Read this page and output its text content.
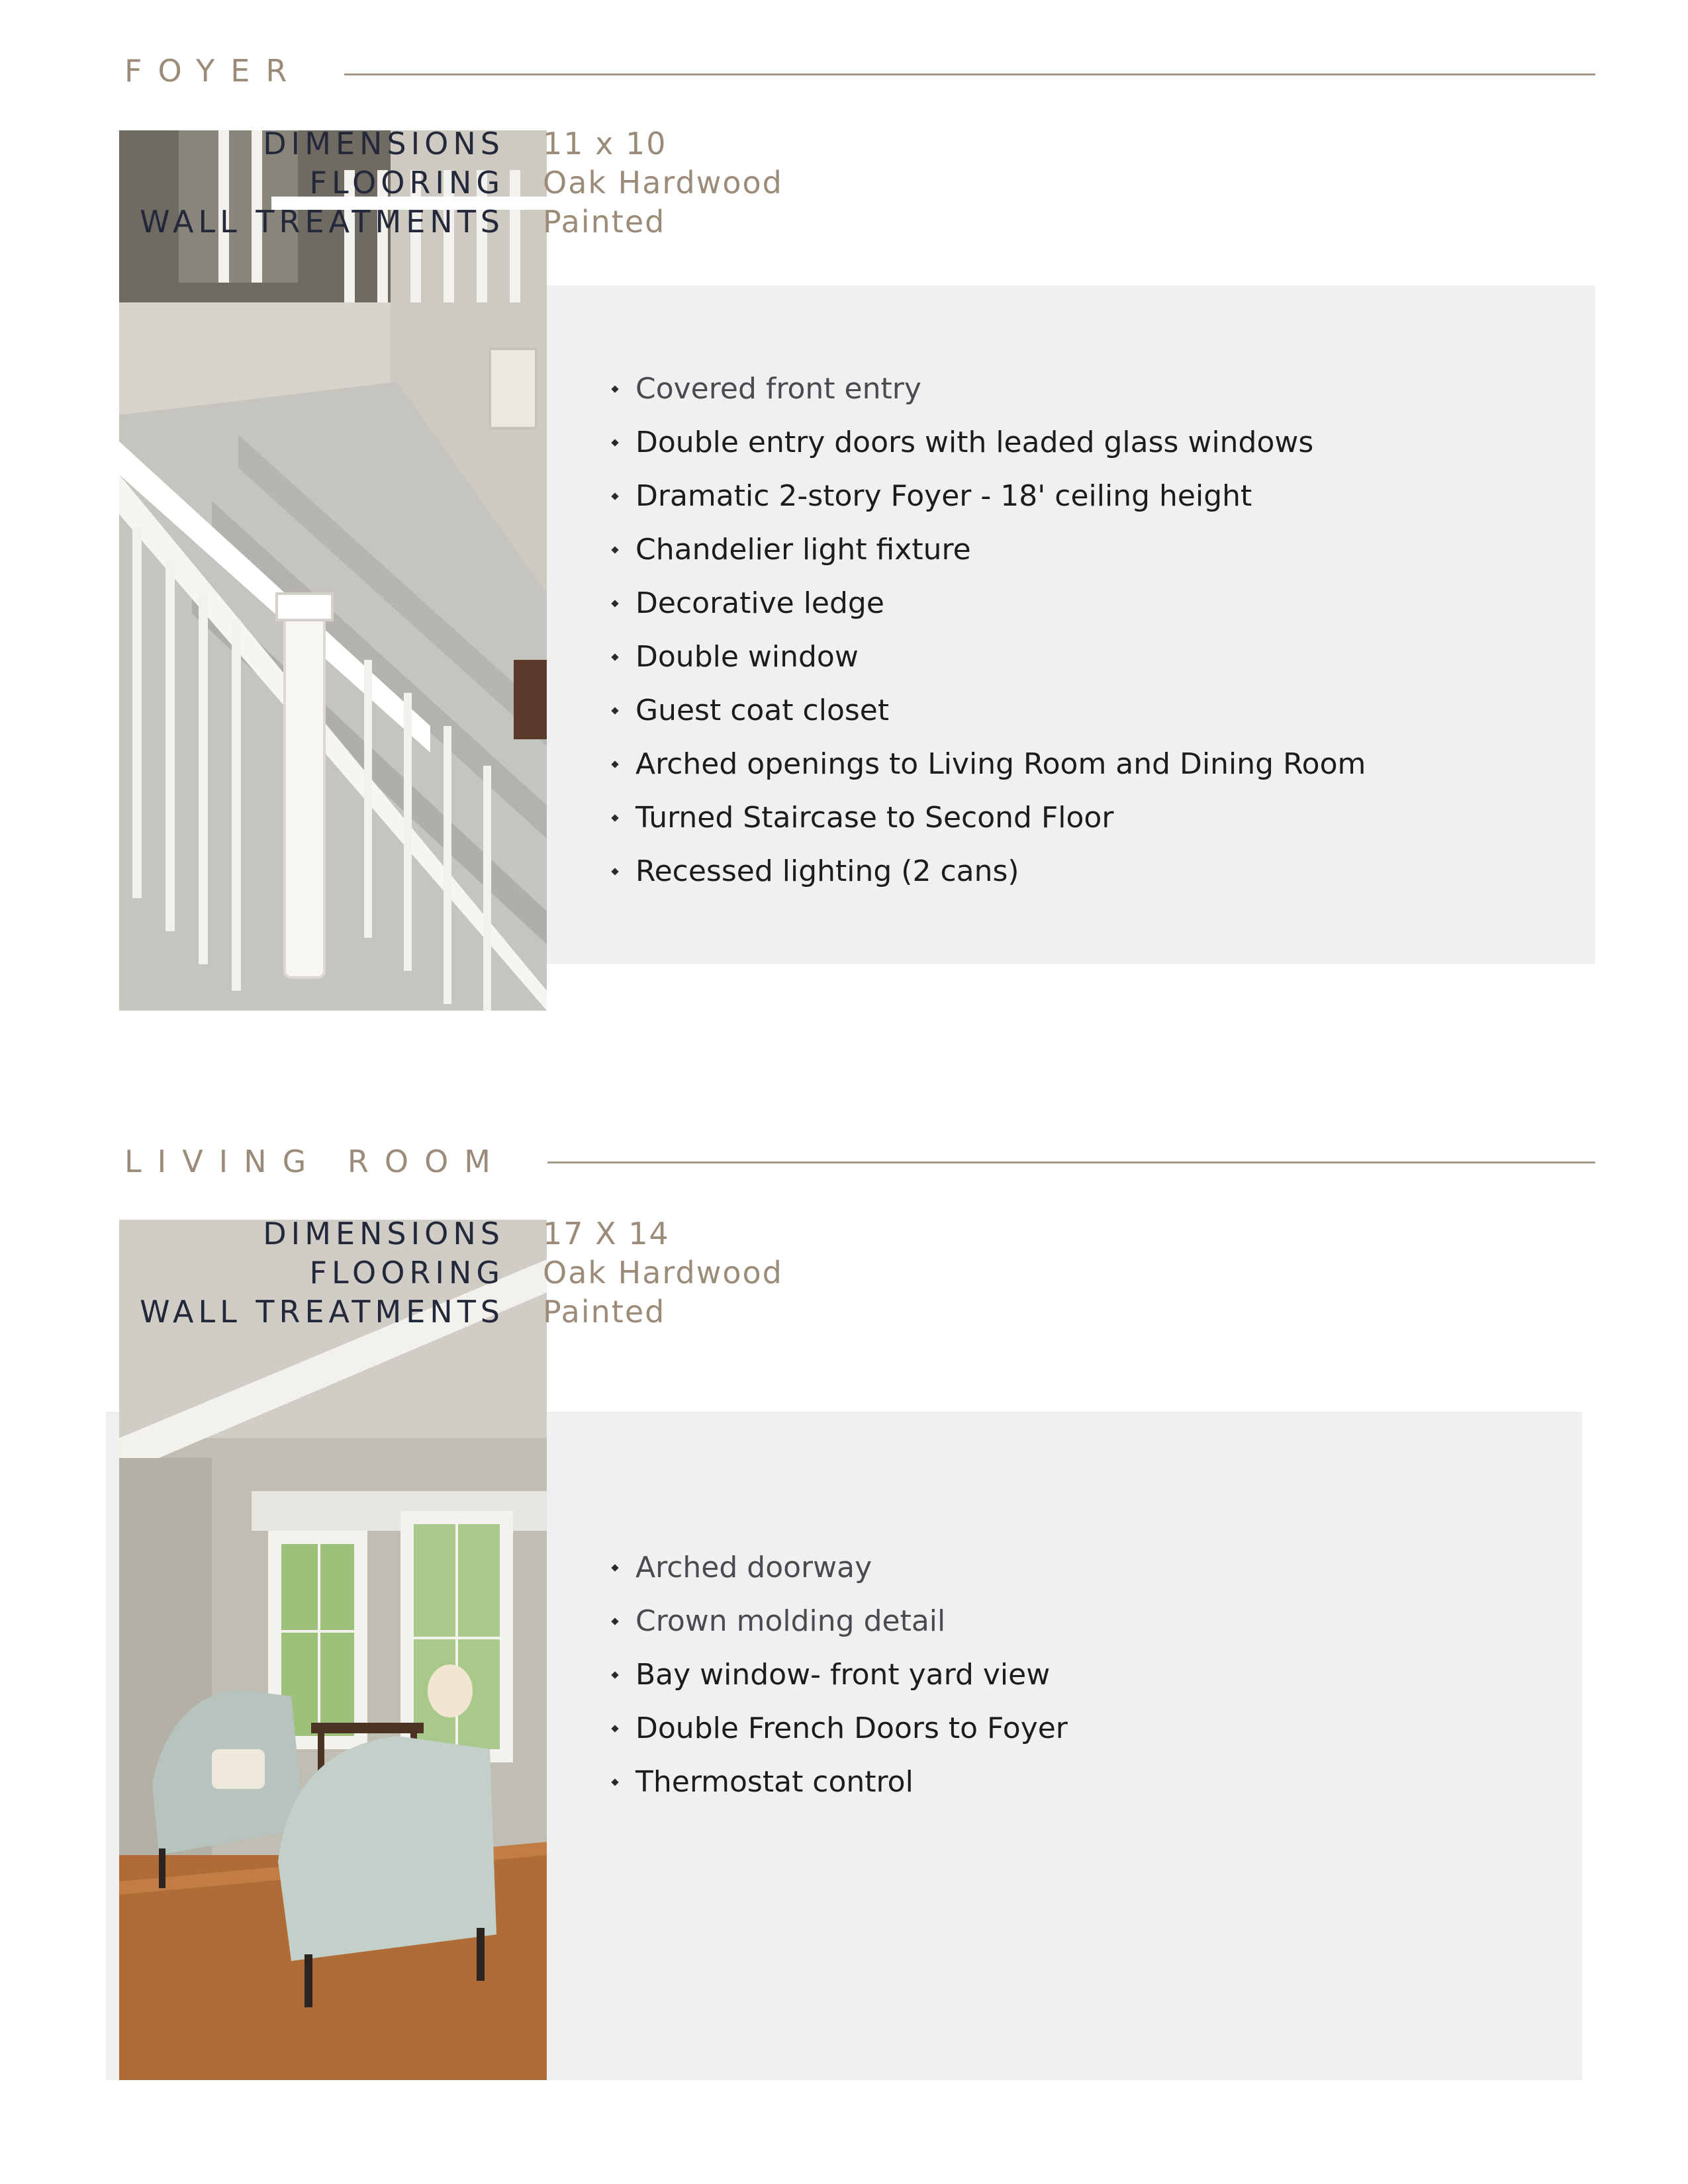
FOYER
DIMENSIONS	11 x 10
FLOORING	Oak Hardwood
WALL TREATMENTS	Painted
Covered front entry
Double entry doors with leaded glass windows
Dramatic 2-story Foyer - 18' ceiling height
Chandelier light fixture
Decorative ledge
Double window
Guest coat closet
Arched openings to Living Room and Dining Room
Turned Staircase to Second Floor
Recessed lighting (2 cans)
LIVING ROOM
DIMENSIONS	17 X 14
FLOORING	Oak Hardwood
WALL TREATMENTS	Painted
Arched doorway
Crown molding detail
Bay window- front yard view
Double French Doors to Foyer
Thermostat control
